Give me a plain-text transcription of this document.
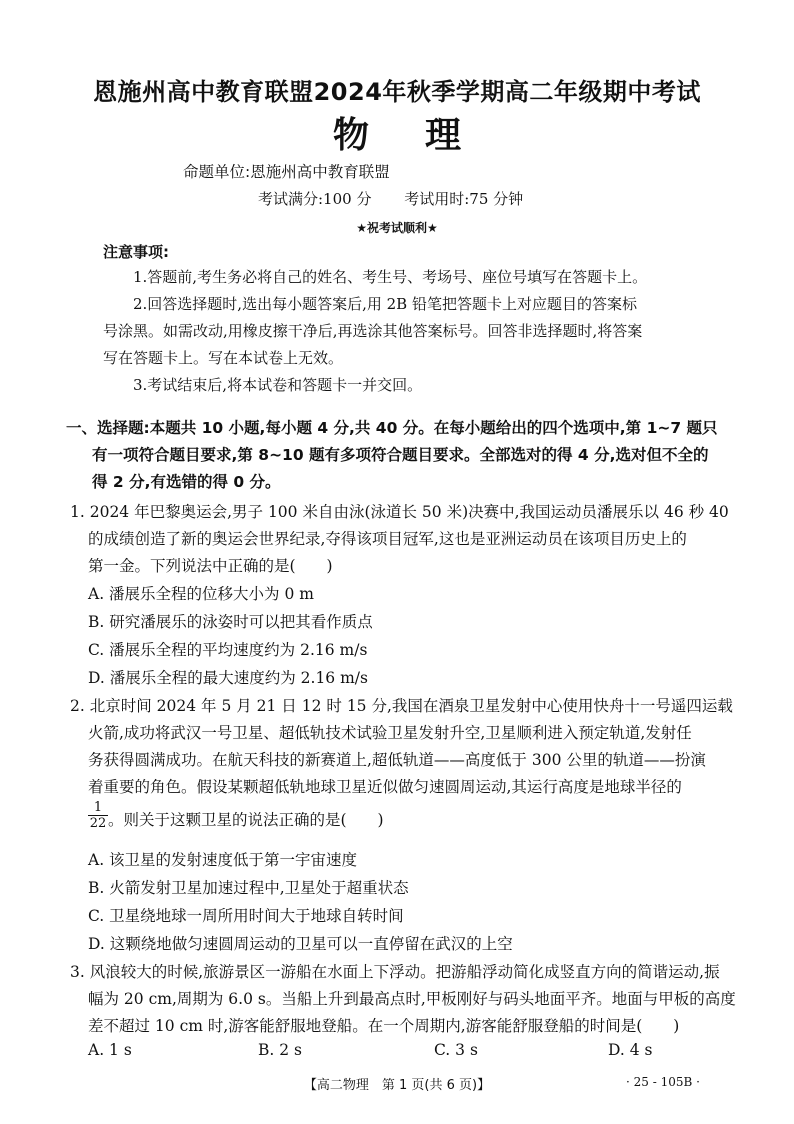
恩施州高中教育联盟2024年秋季学期高二年级期中考试
物理
命题单位:恩施州高中教育联盟
考试满分:100 分 考试用时:75 分钟
★祝考试顺利★
注意事项:
1.答题前,考生务必将自己的姓名、考生号、考场号、座位号填写在答题卡上。
2.回答选择题时,选出每小题答案后,用 2B 铅笔把答题卡上对应题目的答案标
号涂黑。如需改动,用橡皮擦干净后,再选涂其他答案标号。回答非选择题时,将答案
写在答题卡上。写在本试卷上无效。
3.考试结束后,将本试卷和答题卡一并交回。
一、选择题:本题共 10 小题,每小题 4 分,共 40 分。在每小题给出的四个选项中,第 1~7 题只
有一项符合题目要求,第 8~10 题有多项符合题目要求。全部选对的得 4 分,选对但不全的
得 2 分,有选错的得 0 分。
1. 2024 年巴黎奥运会,男子 100 米自由泳(泳道长 50 米)决赛中,我国运动员潘展乐以 46 秒 40
的成绩创造了新的奥运会世界纪录,夺得该项目冠军,这也是亚洲运动员在该项目历史上的
第一金。下列说法中正确的是(　　)
A. 潘展乐全程的位移大小为 0 m
B. 研究潘展乐的泳姿时可以把其看作质点
C. 潘展乐全程的平均速度约为 2.16 m/s
D. 潘展乐全程的最大速度约为 2.16 m/s
2. 北京时间 2024 年 5 月 21 日 12 时 15 分,我国在酒泉卫星发射中心使用快舟十一号遥四运载
火箭,成功将武汉一号卫星、超低轨技术试验卫星发射升空,卫星顺利进入预定轨道,发射任
务获得圆满成功。在航天科技的新赛道上,超低轨道——高度低于 300 公里的轨道——扮演
着重要的角色。假设某颗超低轨地球卫星近似做匀速圆周运动,其运行高度是地球半径的
$\frac{1}{22}$ 。则关于这颗卫星的说法正确的是(　　)
A. 该卫星的发射速度低于第一宇宙速度
B. 火箭发射卫星加速过程中,卫星处于超重状态
C. 卫星绕地球一周所用时间大于地球自转时间
D. 这颗绕地做匀速圆周运动的卫星可以一直停留在武汉的上空
3. 风浪较大的时候,旅游景区一游船在水面上下浮动。把游船浮动简化成竖直方向的简谐运动,振
幅为 20 cm,周期为 6.0 s。当船上升到最高点时,甲板刚好与码头地面平齐。地面与甲板的高度
差不超过 10 cm 时,游客能舒服地登船。在一个周期内,游客能舒服登船的时间是(　　)
A. 1 s	B. 2 s	C. 3 s	D. 4 s
【高二物理　第 1 页(共 6 页)】	· 25 - 105B ·
